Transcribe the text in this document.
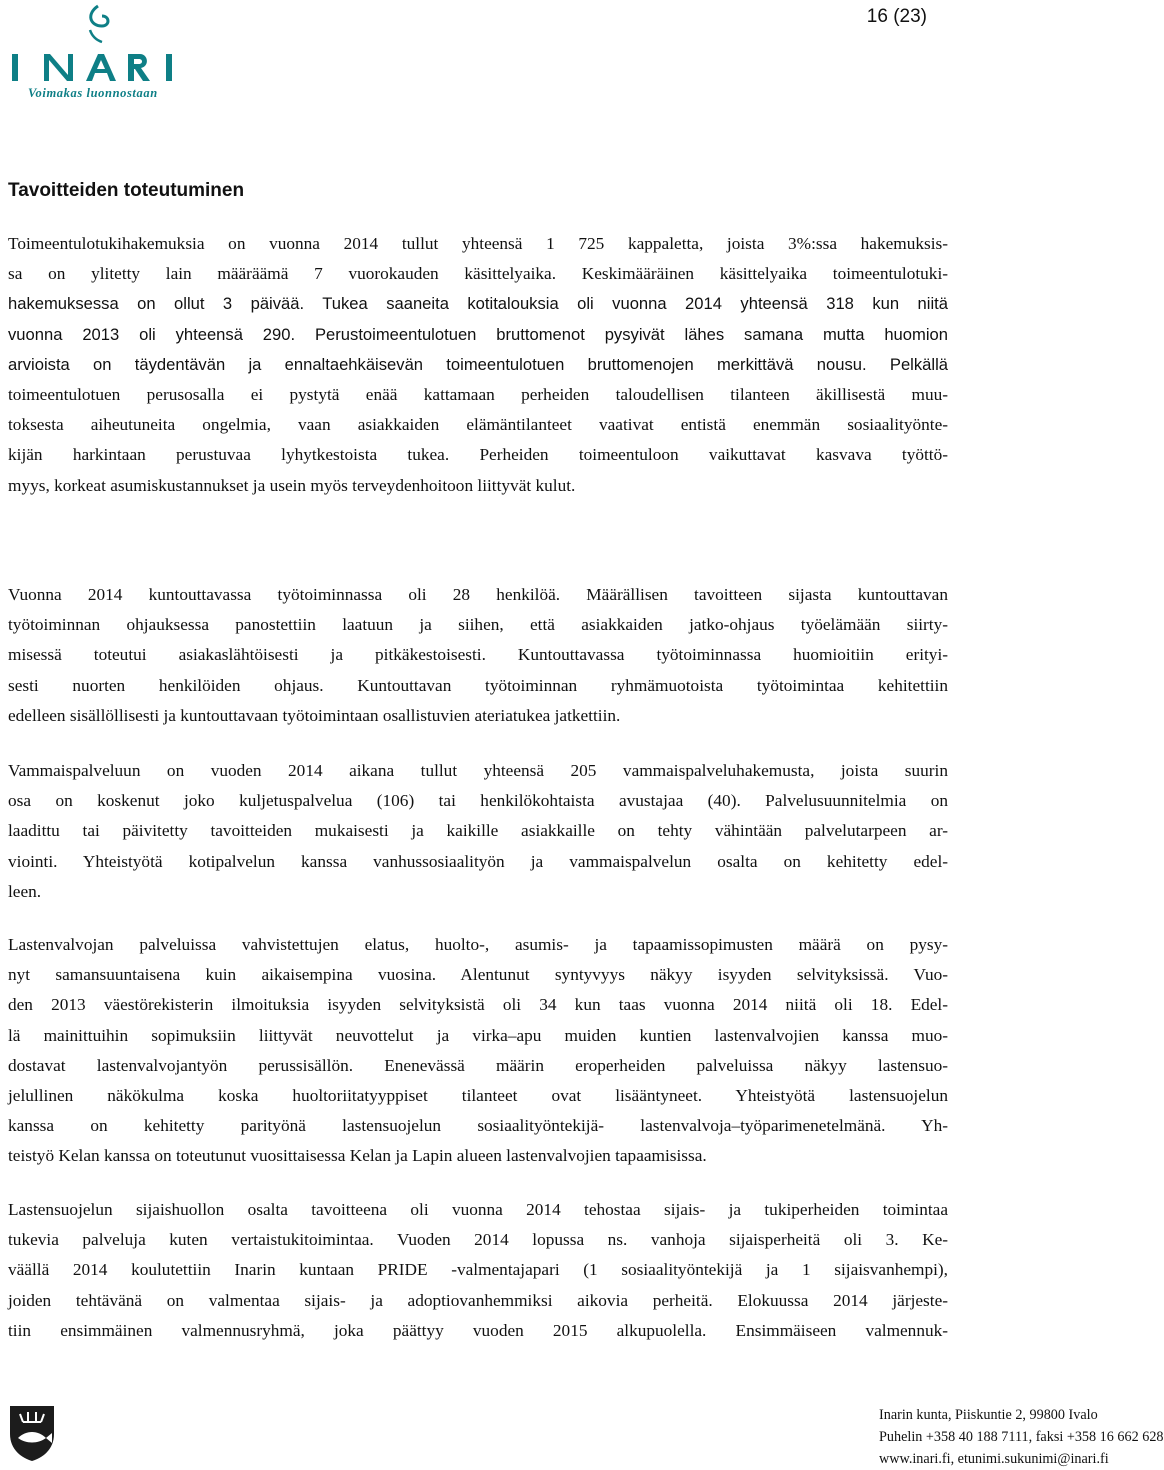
Voimakas luonnostaan
16 (23)
Tavoitteiden toteutuminen
Toimeentulotukihakemuksia on vuonna 2014 tullut yhteensä 1 725 kappaletta, joista 3%:ssa hakemuksis-
sa on ylitetty lain määräämä 7 vuorokauden käsittelyaika. Keskimääräinen käsittelyaika toimeentulotuki-
hakemuksessa on ollut 3 päivää. Tukea saaneita kotitalouksia oli vuonna 2014 yhteensä 318 kun niitä
vuonna 2013 oli yhteensä 290. Perustoimeentulotuen bruttomenot pysyivät lähes samana mutta huomion
arvioista on täydentävän ja ennaltaehkäisevän toimeentulotuen bruttomenojen merkittävä nousu. Pelkällä
toimeentulotuen perusosalla ei pystytä enää kattamaan perheiden taloudellisen tilanteen äkillisestä muu-
toksesta aiheutuneita ongelmia, vaan asiakkaiden elämäntilanteet vaativat entistä enemmän sosiaalityönte-
kijän harkintaan perustuvaa lyhytkestoista tukea. Perheiden toimeentuloon vaikuttavat kasvava työttö-
myys, korkeat asumiskustannukset ja usein myös terveydenhoitoon liittyvät kulut.
Vuonna 2014 kuntouttavassa työtoiminnassa oli 28 henkilöä. Määrällisen tavoitteen sijasta kuntouttavan
työtoiminnan ohjauksessa panostettiin laatuun ja siihen, että asiakkaiden jatko-ohjaus työelämään siirty-
misessä toteutui asiakaslähtöisesti ja pitkäkestoisesti. Kuntouttavassa työtoiminnassa huomioitiin erityi-
sesti nuorten henkilöiden ohjaus. Kuntouttavan työtoiminnan ryhmämuotoista työtoimintaa kehitettiin
edelleen sisällöllisesti ja kuntouttavaan työtoimintaan osallistuvien ateriatukea jatkettiin.
Vammaispalveluun on vuoden 2014 aikana tullut yhteensä 205 vammaispalveluhakemusta, joista suurin
osa on koskenut joko kuljetuspalvelua (106) tai henkilökohtaista avustajaa (40). Palvelusuunnitelmia on
laadittu tai päivitetty tavoitteiden mukaisesti ja kaikille asiakkaille on tehty vähintään palvelutarpeen ar-
viointi. Yhteistyötä kotipalvelun kanssa vanhussosiaalityön ja vammaispalvelun osalta on kehitetty edel-
leen.
Lastenvalvojan palveluissa vahvistettujen elatus, huolto-, asumis- ja tapaamissopimusten määrä on pysy-
nyt samansuuntaisena kuin aikaisempina vuosina. Alentunut syntyvyys näkyy isyyden selvityksissä. Vuo-
den 2013 väestörekisterin ilmoituksia isyyden selvityksistä oli 34 kun taas vuonna 2014 niitä oli 18. Edel-
lä mainittuihin sopimuksiin liittyvät neuvottelut ja virka–apu muiden kuntien lastenvalvojien kanssa muo-
dostavat lastenvalvojantyön perussisällön. Enenevässä määrin eroperheiden palveluissa näkyy lastensuo-
jelullinen näkökulma koska huoltoriitatyyppiset tilanteet ovat lisääntyneet. Yhteistyötä lastensuojelun
kanssa on kehitetty parityönä lastensuojelun sosiaalityöntekijä- lastenvalvoja–työparimenetelmänä. Yh-
teistyö Kelan kanssa on toteutunut vuosittaisessa Kelan ja Lapin alueen lastenvalvojien tapaamisissa.
Lastensuojelun sijaishuollon osalta tavoitteena oli vuonna 2014 tehostaa sijais- ja tukiperheiden toimintaa
tukevia palveluja kuten vertaistukitoimintaa. Vuoden 2014 lopussa ns. vanhoja sijaisperheitä oli 3. Ke-
väällä 2014 koulutettiin Inarin kuntaan PRIDE -valmentajapari (1 sosiaalityöntekijä ja 1 sijaisvanhempi),
joiden tehtävänä on valmentaa sijais- ja adoptiovanhemmiksi aikovia perheitä. Elokuussa 2014 järjeste-
tiin ensimmäinen valmennusryhmä, joka päättyy vuoden 2015 alkupuolella. Ensimmäiseen valmennuk-
Inarin kunta, Piiskuntie 2, 99800 Ivalo
Puhelin +358 40 188 7111, faksi +358 16 662 628
www.inari.fi, etunimi.sukunimi@inari.fi
